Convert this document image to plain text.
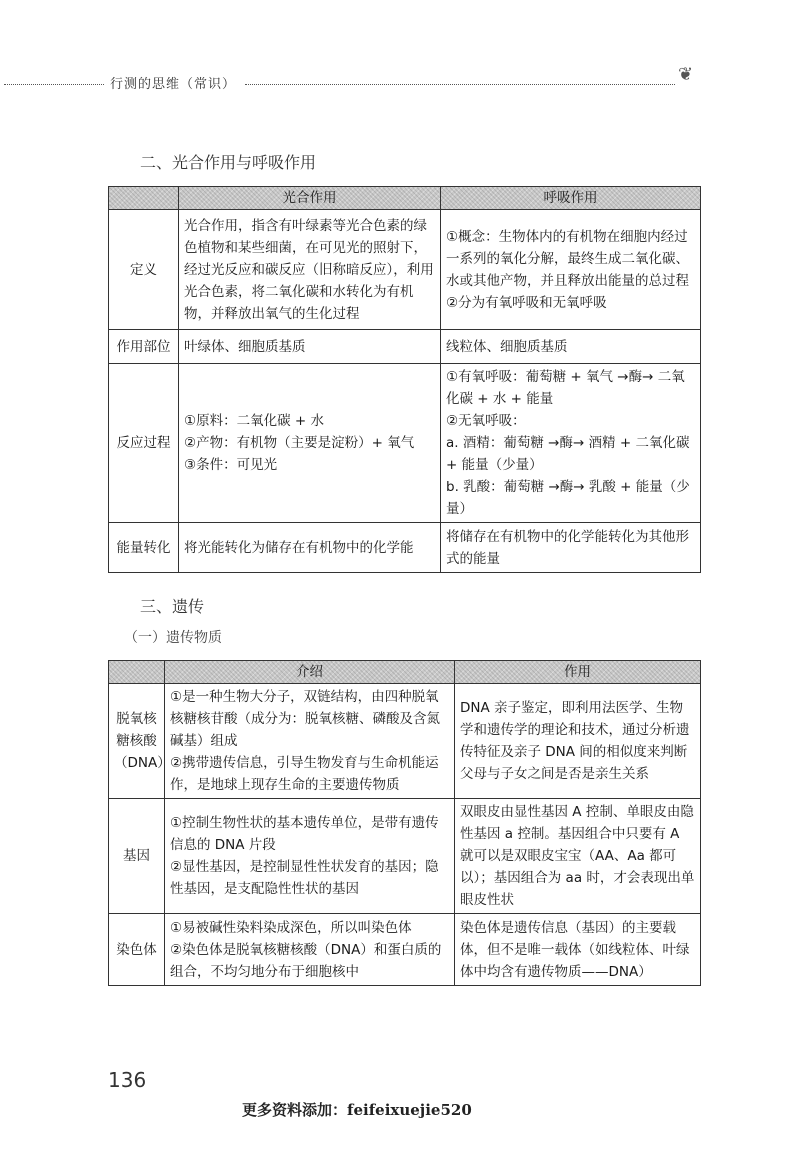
行测的思维（常识）	❦
二、光合作用与呼吸作用
	光合作用	呼吸作用
定义	光合作用，指含有叶绿素等光合色素的绿色植物和某些细菌，在可见光的照射下，经过光反应和碳反应（旧称暗反应），利用光合色素，将二氧化碳和水转化为有机物，并释放出氧气的生化过程	①概念：生物体内的有机物在细胞内经过一系列的氧化分解，最终生成二氧化碳、水或其他产物，并且释放出能量的总过程
②分为有氧呼吸和无氧呼吸

作用部位	叶绿体、细胞质基质	线粒体、细胞质基质
反应过程	①原料：二氧化碳 + 水
②产物：有机物（主要是淀粉）+ 氧气
③条件：可见光	①有氧呼吸：葡萄糖 + 氧气 →酶→ 二氧化碳 + 水 + 能量
②无氧呼吸：
a. 酒精：葡萄糖 →酶→ 酒精 + 二氧化碳 + 能量（少量）
b. 乳酸：葡萄糖 →酶→ 乳酸 + 能量（少量）

能量转化	将光能转化为储存在有机物中的化学能	将储存在有机物中的化学能转化为其他形式的能量
三、遗传
（一）遗传物质
	介绍	作用
脱氧核糖核酸（DNA）	①是一种生物大分子，双链结构，由四种脱氧核糖核苷酸（成分为：脱氧核糖、磷酸及含氮碱基）组成
②携带遗传信息，引导生物发育与生命机能运作，是地球上现存生命的主要遗传物质	DNA 亲子鉴定，即利用法医学、生物学和遗传学的理论和技术，通过分析遗传特征及亲子 DNA 间的相似度来判断父母与子女之间是否是亲生关系
基因	①控制生物性状的基本遗传单位，是带有遗传信息的 DNA 片段
②显性基因，是控制显性性状发育的基因；隐性基因，是支配隐性性状的基因	双眼皮由显性基因 A 控制、单眼皮由隐性基因 a 控制。基因组合中只要有 A 就可以是双眼皮宝宝（AA、Aa 都可以）；基因组合为 aa 时，才会表现出单眼皮性状
染色体	①易被碱性染料染成深色，所以叫染色体
②染色体是脱氧核糖核酸（DNA）和蛋白质的组合，不均匀地分布于细胞核中	染色体是遗传信息（基因）的主要载体，但不是唯一载体（如线粒体、叶绿体中均含有遗传物质——DNA）
136
更多资料添加：feifeixuejie520
